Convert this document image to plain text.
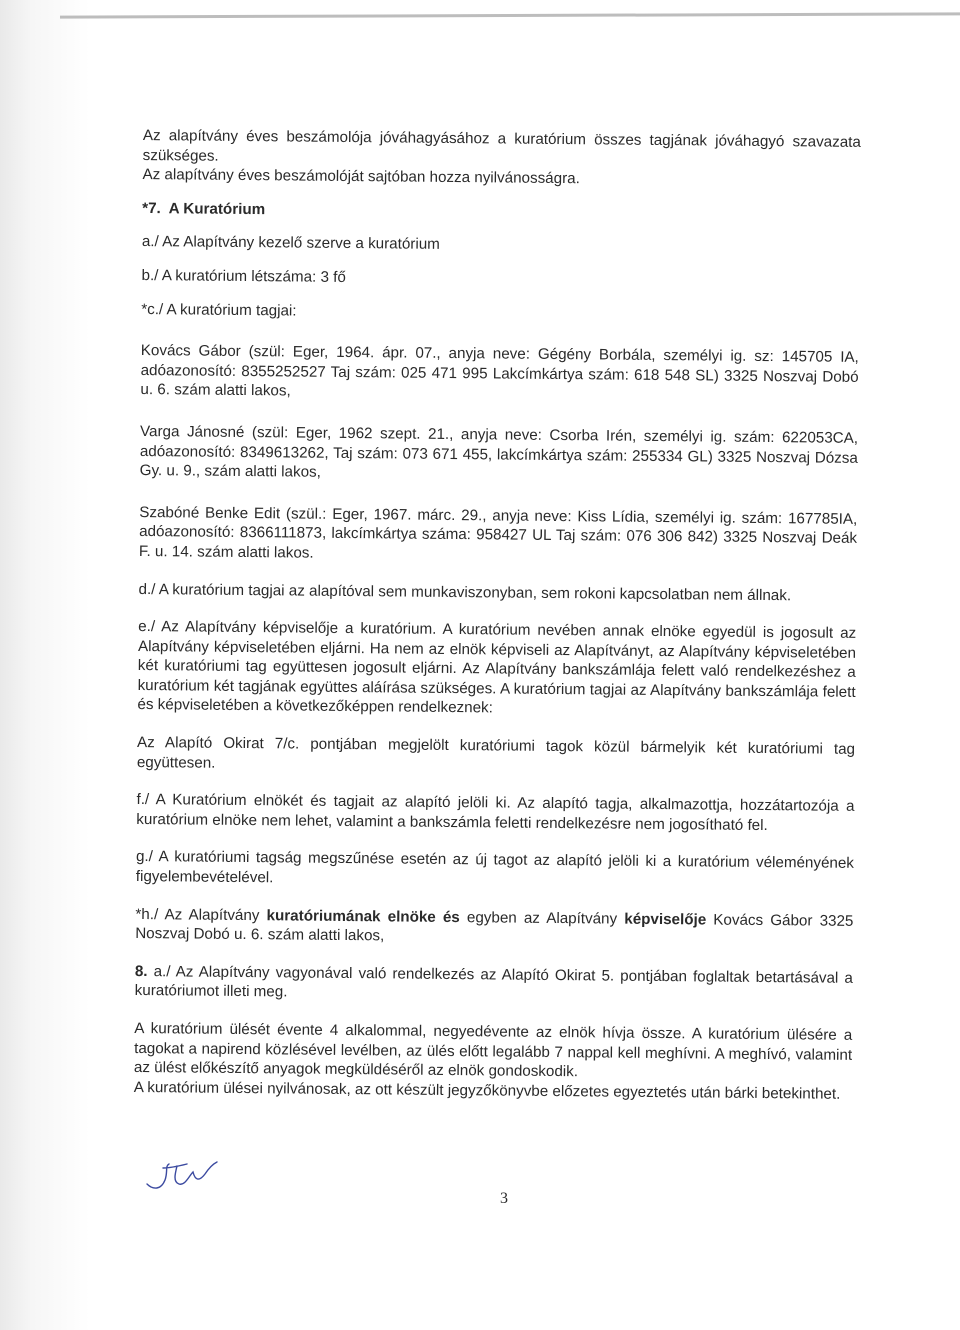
Az alapítvány éves beszámolója jóváhagyásához a kuratórium összes tagjának jóváhagyó szavazata szükséges.

Az alapítvány éves beszámolóját sajtóban hozza nyilvánosságra.

*7. A Kuratórium

a./ Az Alapítvány kezelő szerve a kuratórium

b./ A kuratórium létszáma: 3 fő

*c./ A kuratórium tagjai:

Kovács Gábor (szül: Eger, 1964. ápr. 07., anyja neve: Gégény Borbála, személyi ig. sz: 145705 IA, adóazonosító: 8355252527 Taj szám: 025 471 995 Lakcímkártya szám: 618 548 SL) 3325 Noszvaj Dobó u. 6. szám alatti lakos,

Varga Jánosné (szül: Eger, 1962 szept. 21., anyja neve: Csorba Irén, személyi ig. szám: 622053CA, adóazonosító: 8349613262, Taj szám: 073 671 455, lakcímkártya szám: 255334 GL) 3325 Noszvaj Dózsa Gy. u. 9., szám alatti lakos,

Szabóné Benke Edit (szül.: Eger, 1967. márc. 29., anyja neve: Kiss Lídia, személyi ig. szám: 167785IA, adóazonosító: 8366111873, lakcímkártya száma: 958427 UL Taj szám: 076 306 842) 3325 Noszvaj Deák F. u. 14. szám alatti lakos.

d./ A kuratórium tagjai az alapítóval sem munkaviszonyban, sem rokoni kapcsolatban nem állnak.

e./ Az Alapítvány képviselője a kuratórium. A kuratórium nevében annak elnöke egyedül is jogosult az Alapítvány képviseletében eljárni. Ha nem az elnök képviseli az Alapítványt, az Alapítvány képviseletében két kuratóriumi tag együttesen jogosult eljárni. Az Alapítvány bankszámlája felett való rendelkezéshez a kuratórium két tagjának együttes aláírása szükséges. A kuratórium tagjai az Alapítvány bankszámlája felett és képviseletében a következőképpen rendelkeznek:

Az Alapító Okirat 7/c. pontjában megjelölt kuratóriumi tagok közül bármelyik két kuratóriumi tag együttesen.

f./ A Kuratórium elnökét és tagjait az alapító jelöli ki. Az alapító tagja, alkalmazottja, hozzátartozója a kuratórium elnöke nem lehet, valamint a bankszámla feletti rendelkezésre nem jogosítható fel.

g./ A kuratóriumi tagság megszűnése esetén az új tagot az alapító jelöli ki a kuratórium véleményének figyelembevételével.

*h./ Az Alapítvány kuratóriumának elnöke és egyben az Alapítvány képviselője Kovács Gábor 3325 Noszvaj Dobó u. 6. szám alatti lakos,

8. a./ Az Alapítvány vagyonával való rendelkezés az Alapító Okirat 5. pontjában foglaltak betartásával a kuratóriumot illeti meg.

A kuratórium ülését évente 4 alkalommal, negyedévente az elnök hívja össze. A kuratórium ülésére a tagokat a napirend közlésével levélben, az ülés előtt legalább 7 nappal kell meghívni. A meghívó, valamint az ülést előkészítő anyagok megküldéséről az elnök gondoskodik.

A kuratórium ülései nyilvánosak, az ott készült jegyzőkönyvbe előzetes egyeztetés után bárki betekinthet.

3
